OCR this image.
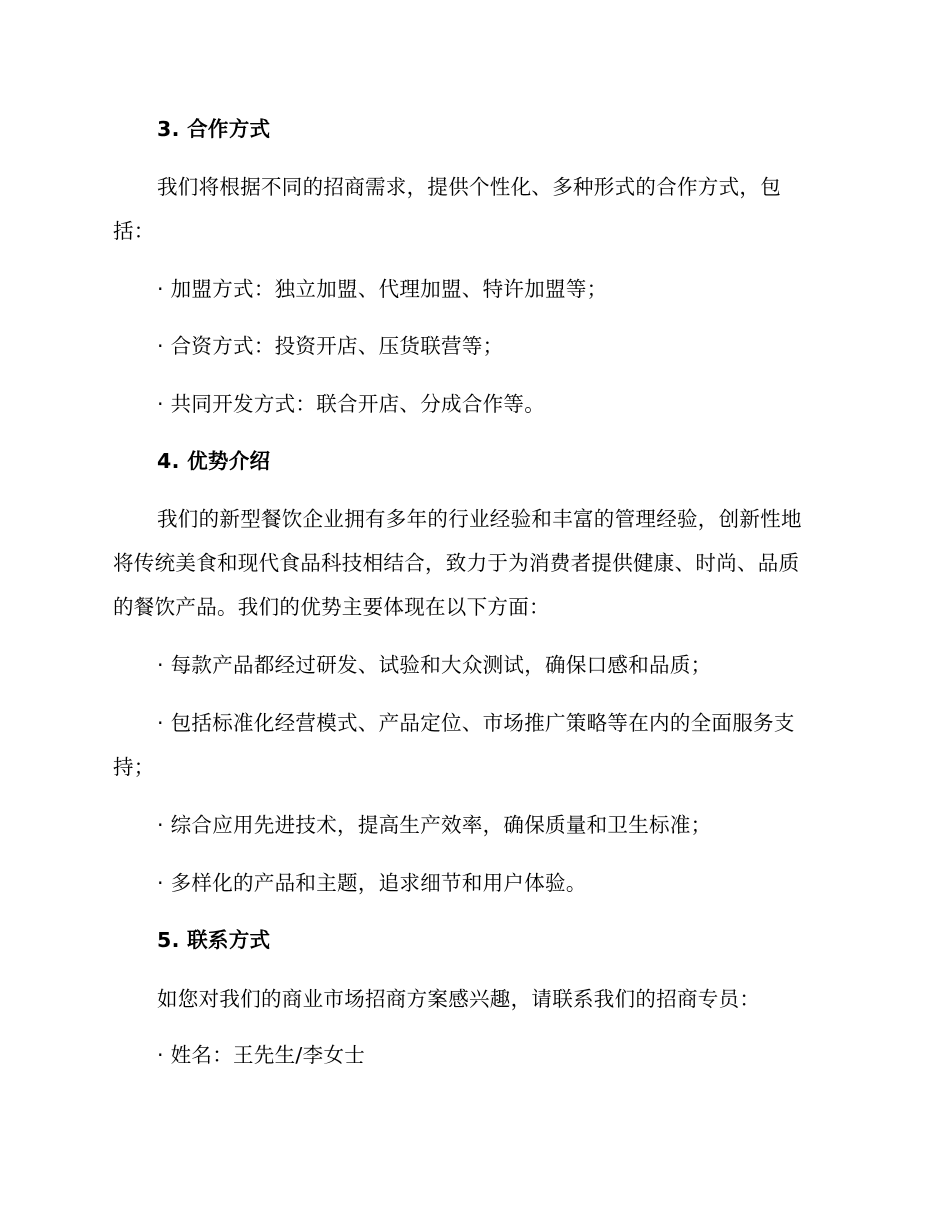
3. 合作方式
我们将根据不同的招商需求，提供个性化、多种形式的合作方式，包
括：
· 加盟方式：独立加盟、代理加盟、特许加盟等；
· 合资方式：投资开店、压货联营等；
· 共同开发方式：联合开店、分成合作等。
4. 优势介绍
我们的新型餐饮企业拥有多年的行业经验和丰富的管理经验，创新性地
将传统美食和现代食品科技相结合，致力于为消费者提供健康、时尚、品质
的餐饮产品。我们的优势主要体现在以下方面：
· 每款产品都经过研发、试验和大众测试，确保口感和品质；
· 包括标准化经营模式、产品定位、市场推广策略等在内的全面服务支
持；
· 综合应用先进技术，提高生产效率，确保质量和卫生标准；
· 多样化的产品和主题，追求细节和用户体验。
5. 联系方式
如您对我们的商业市场招商方案感兴趣，请联系我们的招商专员：
· 姓名：王先生/李女士
